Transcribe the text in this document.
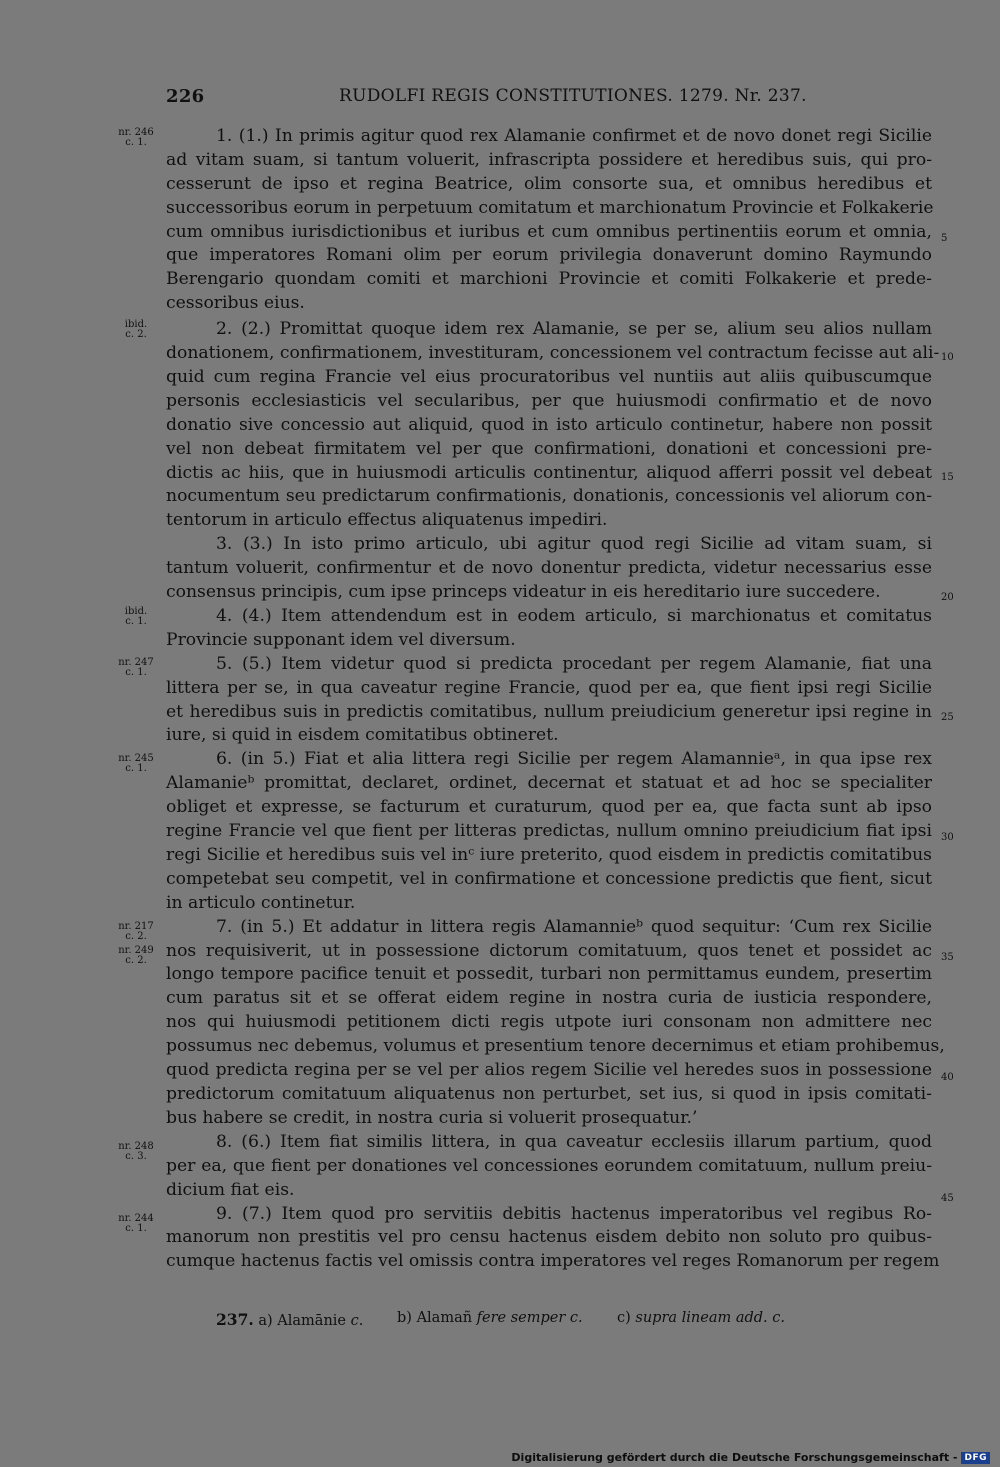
226	RUDOLFI REGIS CONSTITUTIONES. 1279. Nr. 237.
nr. 246
c. 1.
ibid.
c. 2.
ibid.
c. 1.
nr. 247
c. 1.
nr. 245
c. 1.
nr. 217
c. 2.
nr. 249
c. 2.
nr. 248
c. 3.
nr. 244
c. 1.
5
10
15
20
25
30
35
40
45
1. (1.) In primis agitur quod rex Alamanie confirmet et de novo donet regi Sicilie
ad vitam suam, si tantum voluerit, infrascripta possidere et heredibus suis, qui pro-
cesserunt de ipso et regina Beatrice, olim consorte sua, et omnibus heredibus et
successoribus eorum in perpetuum comitatum et marchionatum Provincie et Folkakerie
cum omnibus iurisdictionibus et iuribus et cum omnibus pertinentiis eorum et omnia,
que imperatores Romani olim per eorum privilegia donaverunt domino Raymundo
Berengario quondam comiti et marchioni Provincie et comiti Folkakerie et prede-
cessoribus eius.
2. (2.) Promittat quoque idem rex Alamanie, se per se, alium seu alios nullam
donationem, confirmationem, investituram, concessionem vel contractum fecisse aut ali-
quid cum regina Francie vel eius procuratoribus vel nuntiis aut aliis quibuscumque
personis ecclesiasticis vel secularibus, per que huiusmodi confirmatio et de novo
donatio sive concessio aut aliquid, quod in isto articulo continetur, habere non possit
vel non debeat firmitatem vel per que confirmationi, donationi et concessioni pre-
dictis ac hiis, que in huiusmodi articulis continentur, aliquod afferri possit vel debeat
nocumentum seu predictarum confirmationis, donationis, concessionis vel aliorum con-
tentorum in articulo effectus aliquatenus impediri.
3. (3.) In isto primo articulo, ubi agitur quod regi Sicilie ad vitam suam, si
tantum voluerit, confirmentur et de novo donentur predicta, videtur necessarius esse
consensus principis, cum ipse princeps videatur in eis hereditario iure succedere.
4. (4.) Item attendendum est in eodem articulo, si marchionatus et comitatus
Provincie supponant idem vel diversum.
5. (5.) Item videtur quod si predicta procedant per regem Alamanie, fiat una
littera per se, in qua caveatur regine Francie, quod per ea, que fient ipsi regi Sicilie
et heredibus suis in predictis comitatibus, nullum preiudicium generetur ipsi regine in
iure, si quid in eisdem comitatibus obtineret.
6. (in 5.) Fiat et alia littera regi Sicilie per regem Alamannieᵃ, in qua ipse rex
Alamanieᵇ promittat, declaret, ordinet, decernat et statuat et ad hoc se specialiter
obliget et expresse, se facturum et curaturum, quod per ea, que facta sunt ab ipso
regine Francie vel que fient per litteras predictas, nullum omnino preiudicium fiat ipsi
regi Sicilie et heredibus suis vel inᶜ iure preterito, quod eisdem in predictis comitatibus
competebat seu competit, vel in confirmatione et concessione predictis que fient, sicut
in articulo continetur.
7. (in 5.) Et addatur in littera regis Alamannieᵇ quod sequitur: ‘Cum rex Sicilie
nos requisiverit, ut in possessione dictorum comitatuum, quos tenet et possidet ac
longo tempore pacifice tenuit et possedit, turbari non permittamus eundem, presertim
cum paratus sit et se offerat eidem regine in nostra curia de iusticia respondere,
nos qui huiusmodi petitionem dicti regis utpote iuri consonam non admittere nec
possumus nec debemus, volumus et presentium tenore decernimus et etiam prohibemus,
quod predicta regina per se vel per alios regem Sicilie vel heredes suos in possessione
predictorum comitatuum aliquatenus non perturbet, set ius, si quod in ipsis comitati-
bus habere se credit, in nostra curia si voluerit prosequatur.’
8. (6.) Item fiat similis littera, in qua caveatur ecclesiis illarum partium, quod
per ea, que fient per donationes vel concessiones eorundem comitatuum, nullum preiu-
dicium fiat eis.
9. (7.) Item quod pro servitiis debitis hactenus imperatoribus vel regibus Ro-
manorum non prestitis vel pro censu hactenus eisdem debito non soluto pro quibus-
cumque hactenus factis vel omissis contra imperatores vel reges Romanorum per regem
237. a) Alamānie c. b) Alamañ fere semper c. c) supra lineam add. c.
Digitalisierung gefördert durch die Deutsche Forschungsgemeinschaft - DFG
